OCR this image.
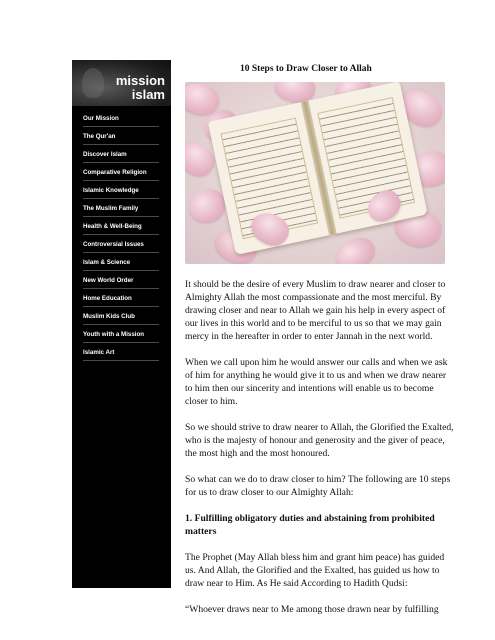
mission
islam
Our Mission
The Qur'an
Discover Islam
Comparative Religion
Islamic Knowledge
The Muslim Family
Health & Well-Being
Controversial Issues
Islam & Science
New World Order
Home Education
Muslim Kids Club
Youth with a Mission
Islamic Art
10 Steps to Draw Closer to Allah

It should be the desire of every Muslim to draw nearer and closer to Almighty Allah the most compassionate and the most merciful. By drawing closer and near to Allah we gain his help in every aspect of our lives in this world and to be merciful to us so that we may gain mercy in the hereafter in order to enter Jannah in the next world.

When we call upon him he would answer our calls and when we ask of him for anything he would give it to us and when we draw nearer to him then our sincerity and intentions will enable us to become closer to him.

So we should strive to draw nearer to Allah, the Glorified the Exalted, who is the majesty of honour and generosity and the giver of peace, the most high and the most honoured.

So what can we do to draw closer to him? The following are 10 steps for us to draw closer to our Almighty Allah:

1. Fulfilling obligatory duties and abstaining from prohibited matters

The Prophet (May Allah bless him and grant him peace) has guided us. And Allah, the Glorified and the Exalted, has guided us how to draw near to Him. As He said According to Hadith Qudsi:

“Whoever draws near to Me among those drawn near by fulfilling
